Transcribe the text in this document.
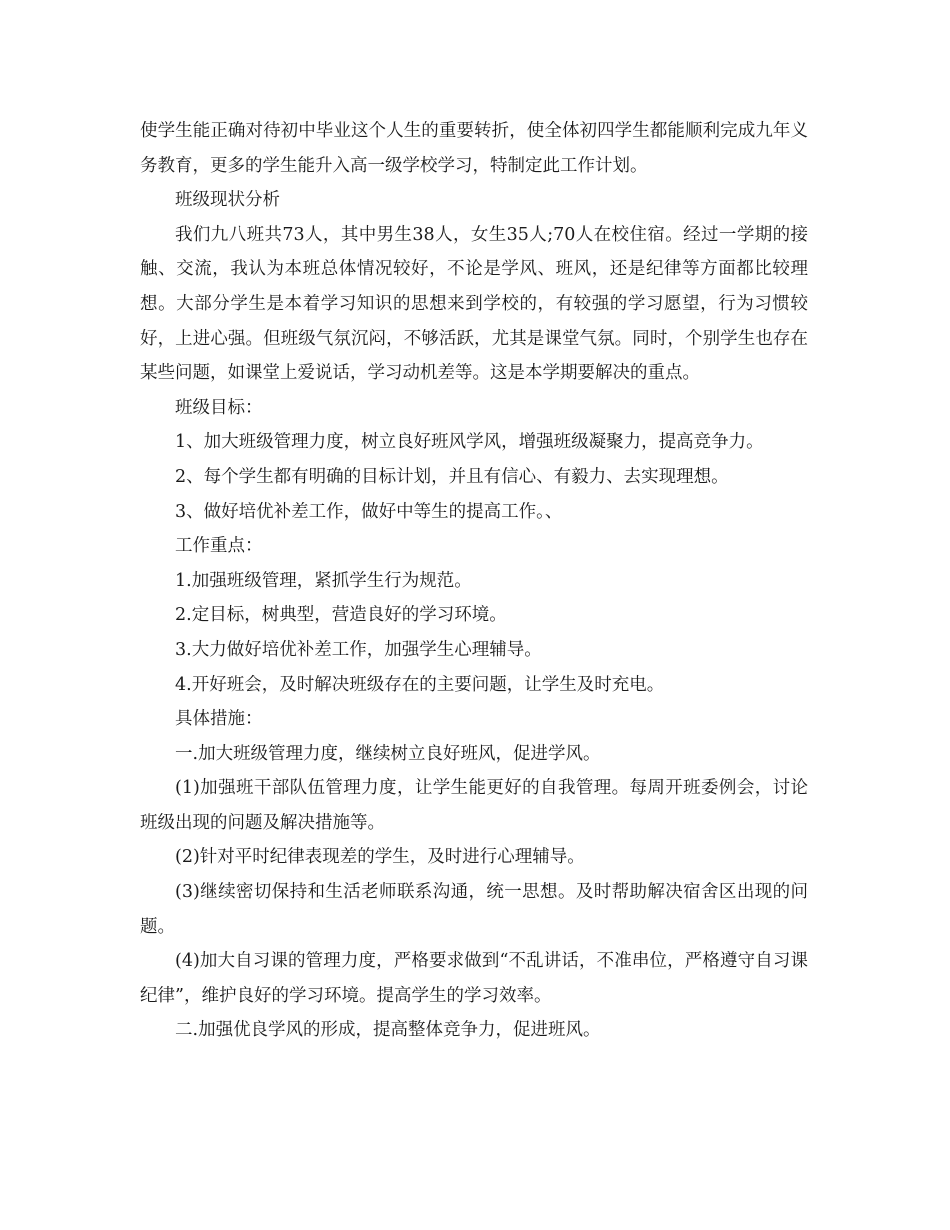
使学生能正确对待初中毕业这个人生的重要转折，使全体初四学生都能顺利完成九年义务教育，更多的学生能升入高一级学校学习，特制定此工作计划。

班级现状分析

我们九八班共73人，其中男生38人，女生35人;70人在校住宿。经过一学期的接触、交流，我认为本班总体情况较好，不论是学风、班风，还是纪律等方面都比较理想。大部分学生是本着学习知识的思想来到学校的，有较强的学习愿望，行为习惯较好，上进心强。但班级气氛沉闷，不够活跃，尤其是课堂气氛。同时，个别学生也存在某些问题，如课堂上爱说话，学习动机差等。这是本学期要解决的重点。

班级目标：

1、加大班级管理力度，树立良好班风学风，增强班级凝聚力，提高竞争力。

2、每个学生都有明确的目标计划，并且有信心、有毅力、去实现理想。

3、做好培优补差工作，做好中等生的提高工作。、

工作重点：

1.加强班级管理，紧抓学生行为规范。

2.定目标，树典型，营造良好的学习环境。

3.大力做好培优补差工作，加强学生心理辅导。

4.开好班会，及时解决班级存在的主要问题，让学生及时充电。

具体措施：

一.加大班级管理力度，继续树立良好班风，促进学风。

(1)加强班干部队伍管理力度，让学生能更好的自我管理。每周开班委例会，讨论班级出现的问题及解决措施等。

(2)针对平时纪律表现差的学生，及时进行心理辅导。

(3)继续密切保持和生活老师联系沟通，统一思想。及时帮助解决宿舍区出现的问题。

(4)加大自习课的管理力度，严格要求做到“不乱讲话，不准串位，严格遵守自习课纪律”，维护良好的学习环境。提高学生的学习效率。

二.加强优良学风的形成，提高整体竞争力，促进班风。
